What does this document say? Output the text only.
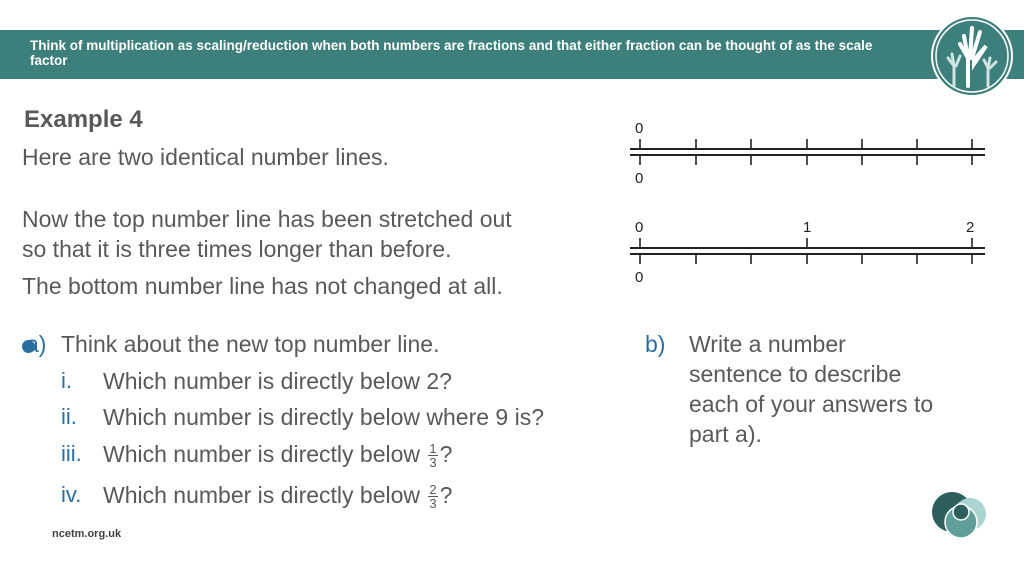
Think of multiplication as scaling/reduction when both numbers are fractions and that either fraction can be thought of as the scale factor
Example 4
Here are two identical number lines.
Now the top number line has been stretched out
so that it is three times longer than before.
The bottom number line has not changed at all.
0
0
0	1	2
0
a) Think about the new top number line.
i. Which number is directly below 2?
ii. Which number is directly below where 9 is?
iii. Which number is directly below $\frac{1}{3}$ ?
iv. Which number is directly below $\frac{2}{3}$ ?
b) Write a number
sentence to describe
each of your answers to
part a).
ncetm.org.uk
